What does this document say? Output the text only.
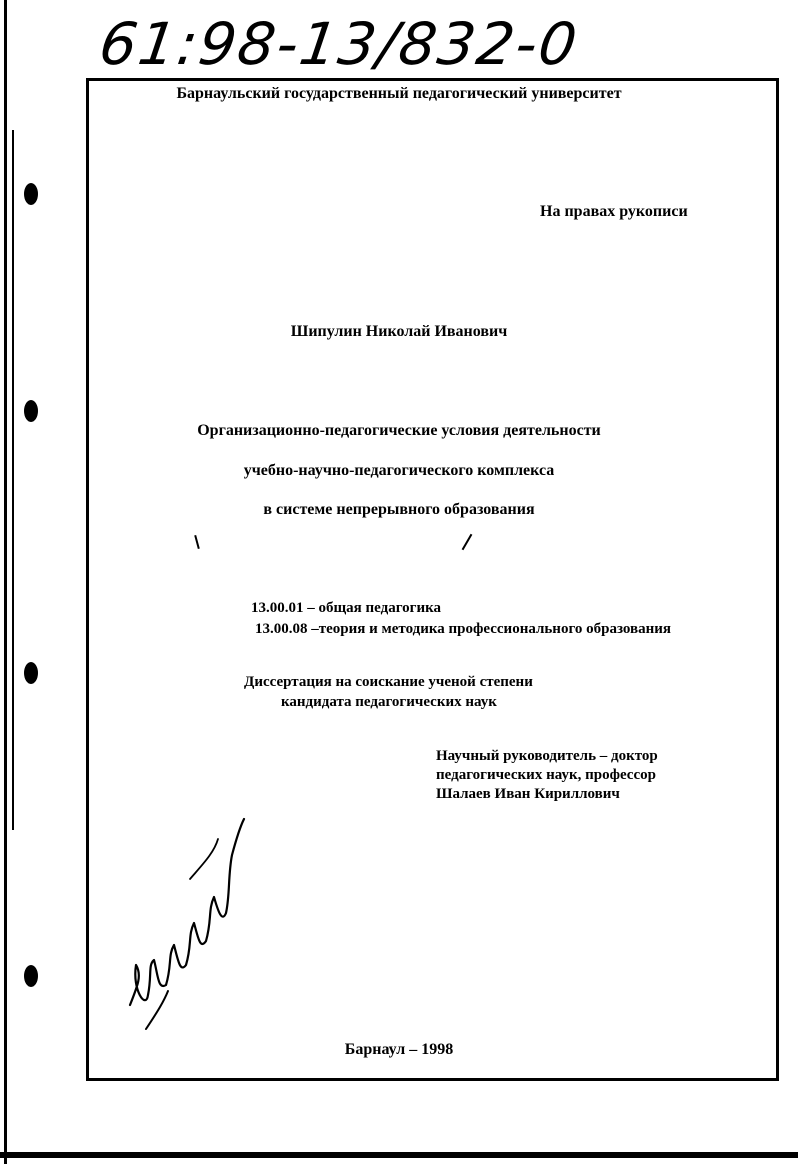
61:98-13/832-0
Барнаульский государственный педагогический университет
На правах рукописи
Шипулин Николай Иванович
Организационно-педагогические условия деятельности
учебно-научно-педагогического комплекса
в системе непрерывного образования
13.00.01 – общая педагогика
13.00.08 –теория и методика профессионального образования
Диссертация на соискание ученой степени
кандидата педагогических наук
Научный руководитель – доктор
педагогических наук, профессор
Шалаев Иван Кириллович
Барнаул – 1998
